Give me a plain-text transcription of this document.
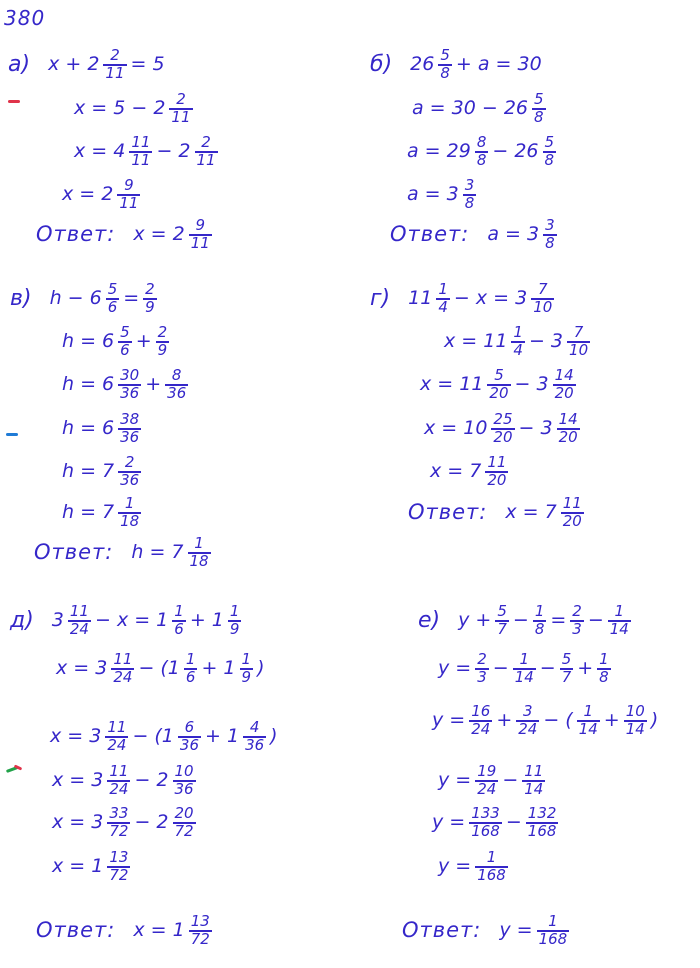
380
а) $x + 2 \frac{2}{11} = 5$
$x = 5 - 2 \frac{2}{11}$
$x = 4 \frac{11}{11} - 2 \frac{2}{11}$
$x = 2 \frac{9}{11}$
Ответ: $x = 2 \frac{9}{11}$
б) $26 \frac{5}{8} + a = 30$
$a = 30 - 26 \frac{5}{8}$
$a = 29 \frac{8}{8} - 26 \frac{5}{8}$
$a = 3 \frac{3}{8}$
Ответ: $a = 3 \frac{3}{8}$
в) $h - 6 \frac{5}{6} = \frac{2}{9}$
$h = 6 \frac{5}{6} + \frac{2}{9}$
$h = 6 \frac{30}{36} + \frac{8}{36}$
$h = 6 \frac{38}{36}$
$h = 7 \frac{2}{36}$
$h = 7 \frac{1}{18}$
Ответ: $h = 7 \frac{1}{18}$
г) $11 \frac{1}{4} - x = 3 \frac{7}{10}$
$x = 11 \frac{1}{4} - 3 \frac{7}{10}$
$x = 11 \frac{5}{20} - 3 \frac{14}{20}$
$x = 10 \frac{25}{20} - 3 \frac{14}{20}$
$x = 7 \frac{11}{20}$
Ответ: $x = 7 \frac{11}{20}$
д) $3 \frac{11}{24} - x = 1 \frac{1}{6} + 1 \frac{1}{9}$
$x = 3 \frac{11}{24} - (1 \frac{1}{6} + 1 \frac{1}{9}$ )
$x = 3 \frac{11}{24} - (1 \frac{6}{36} + 1 \frac{4}{36}$ )
$x = 3 \frac{11}{24} - 2 \frac{10}{36}$
$x = 3 \frac{33}{72} - 2 \frac{20}{72}$
$x = 1 \frac{13}{72}$
Ответ: $x = 1 \frac{13}{72}$
е) $y + \frac{5}{7} - \frac{1}{8} = \frac{2}{3} - \frac{1}{14}$
$y = \frac{2}{3} - \frac{1}{14} - \frac{5}{7} + \frac{1}{8}$
$y = \frac{16}{24} + \frac{3}{24}$ − ( $\frac{1}{14} + \frac{10}{14}$ )
$y = \frac{19}{24} - \frac{11}{14}$
$y = \frac{133}{168} - \frac{132}{168}$
$y = \frac{1}{168}$
Ответ: $y = \frac{1}{168}$
